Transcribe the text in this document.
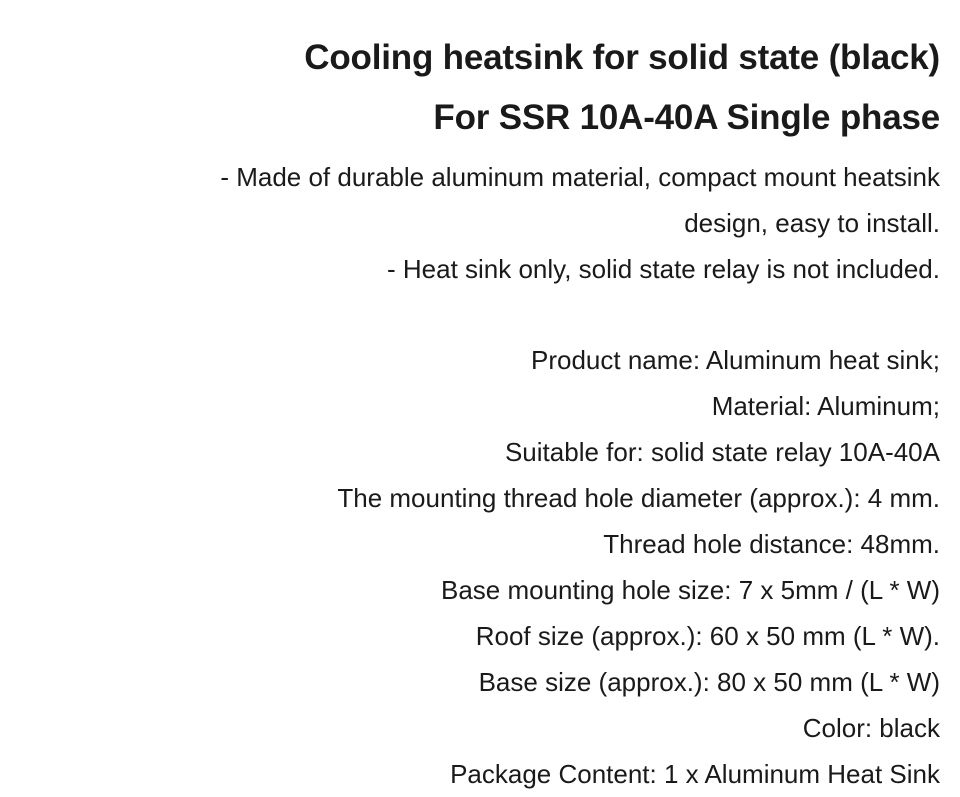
Cooling heatsink for solid state (black)
For SSR 10A-40A Single phase

- Made of durable aluminum material, compact mount heatsink
design, easy to install.
- Heat sink only, solid state relay is not included.

Product name: Aluminum heat sink;
Material: Aluminum;
Suitable for: solid state relay 10A-40A
The mounting thread hole diameter (approx.): 4 mm.
Thread hole distance: 48mm.
Base mounting hole size: 7 x 5mm / (L * W)
Roof size (approx.): 60 x 50 mm (L * W).
Base size (approx.): 80 x 50 mm (L * W)
Color: black
Package Content: 1 x Aluminum Heat Sink
